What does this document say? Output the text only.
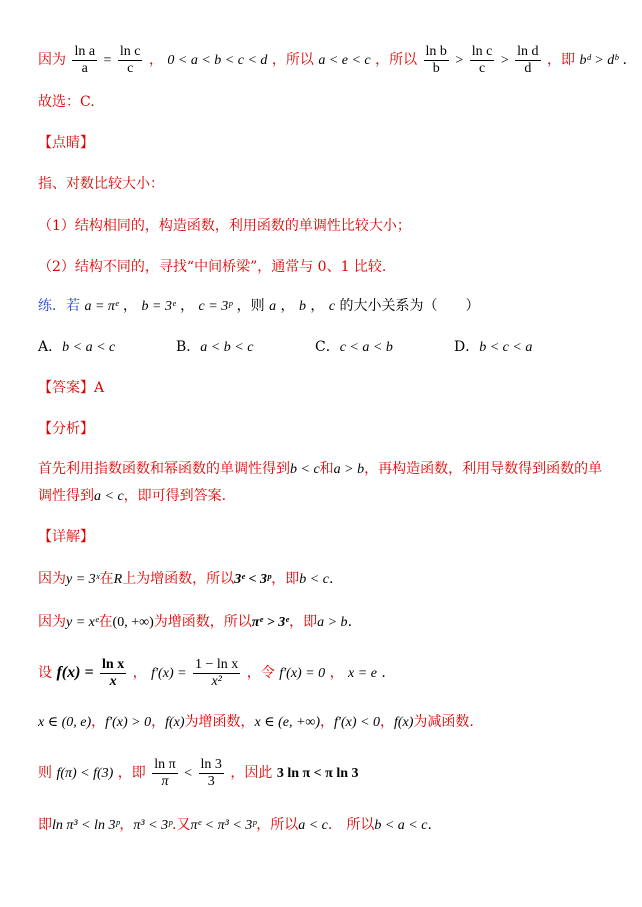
因为 $\frac{\text{ln a}}{a} = \frac{\text{ln c}}{c}$ ， 0 < a < b < c < d ，所以 a < e < c ，所以 $\frac{\text{ln b}}{b} > \frac{\text{ln c}}{c} > \frac{\text{ln d}}{d}$ ，即 bᵈ > dᵇ .
故选：C.
【点睛】
指、对数比较大小：
（1）结构相同的，构造函数，利用函数的单调性比较大小；
（2）结构不同的，寻找“中间桥梁”，通常与 0、1 比较.
练．若 a = πᵉ ， b = 3ᵉ ， c = 3ᵖ ，则 a ， b ， c 的大小关系为（　　）
A．b < a < c	B．a < b < c	C．c < a < b	D．b < c < a
【答案】A
【分析】
首先利用指数函数和幂函数的单调性得到b < c和a > b，再构造函数，利用导数得到函数的单
调性得到a < c，即可得到答案.
【详解】
因为y = 3ˣ在R上为增函数，所以3ᵉ < 3ᵖ，即b < c.
因为y = xᵉ在(0, +∞)为增函数，所以πᵉ > 3ᵉ，即a > b.
设 $f(x) = \frac{\text{ln x}}{x}$ ， $f'(x) = \frac{\text{1 − ln x}}{\text{x²}}$ ，令 f′(x) = 0 ， x = e .
x ∈ (0, e)，f′(x) > 0，f(x)为增函数，x ∈ (e, +∞)，f′(x) < 0，f(x)为减函数.
则 f(π) < f(3) ，即 $\frac{\text{ln π}}{\pi} < \frac{\ln 3}{3}$ ，因此 3 ln π < π ln 3
即ln π³ < ln 3ᵖ，π³ < 3ᵖ.又πᵉ < π³ < 3ᵖ，所以a < c.　所以b < a < c.
